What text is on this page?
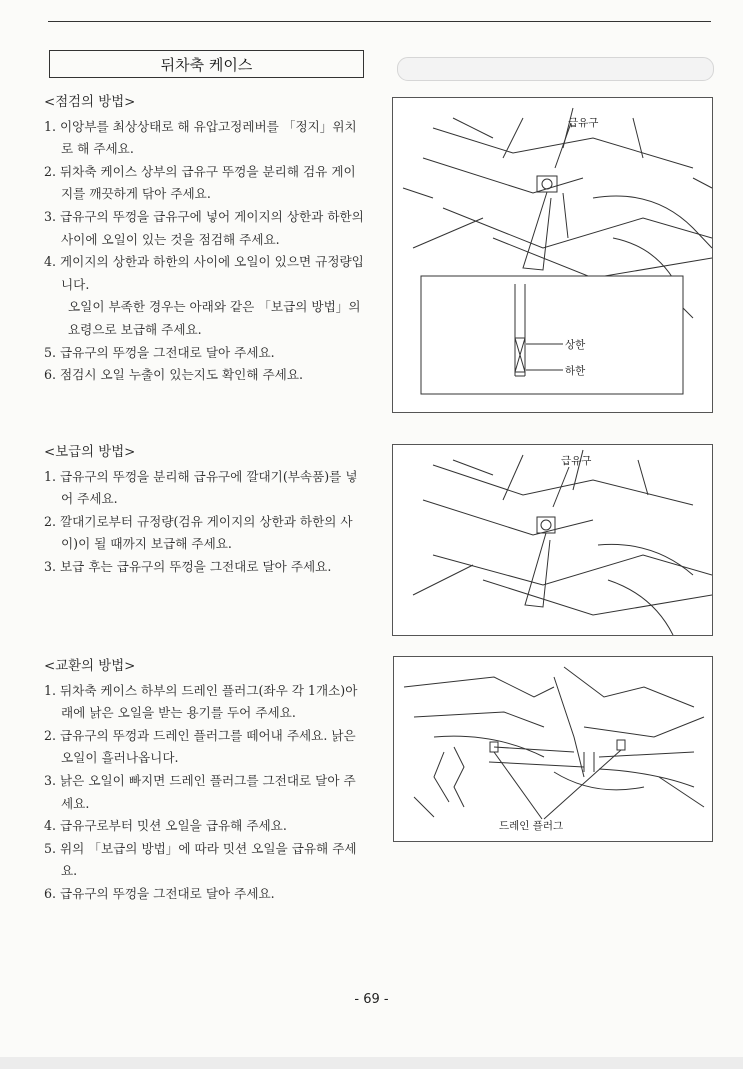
뒤차축 케이스
<점검의 방법>
1. 이앙부를 최상상태로 해 유압고정레버를 「정지」위치로 해 주세요.
2. 뒤차축 케이스 상부의 급유구 뚜껑을 분리해 검유 게이지를 깨끗하게 닦아 주세요.
3. 급유구의 뚜껑을 급유구에 넣어 게이지의 상한과 하한의 사이에 오일이 있는 것을 점검해 주세요.
4. 게이지의 상한과 하한의 사이에 오일이 있으면 규정량입니다.
오일이 부족한 경우는 아래와 같은 「보급의 방법」의 요령으로 보급해 주세요.
5. 급유구의 뚜껑을 그전대로 달아 주세요.
6. 점검시 오일 누출이 있는지도 확인해 주세요.
<보급의 방법>
1. 급유구의 뚜껑을 분리해 급유구에 깔대기(부속품)를 넣어 주세요.
2. 깔대기로부터 규정량(검유 게이지의 상한과 하한의 사이)이 될 때까지 보급해 주세요.
3. 보급 후는 급유구의 뚜껑을 그전대로 달아 주세요.
<교환의 방법>
1. 뒤차축 케이스 하부의 드레인 플러그(좌우 각 1개소)아래에 낡은 오일을 받는 용기를 두어 주세요.
2. 급유구의 뚜껑과 드레인 플러그를 떼어내 주세요. 낡은 오일이 흘러나옵니다.
3. 낡은 오일이 빠지면 드레인 플러그를 그전대로 달아 주세요.
4. 급유구로부터 밋션 오일을 급유해 주세요.
5. 위의 「보급의 방법」에 따라 밋션 오일을 급유해 주세요.
6. 급유구의 뚜껑을 그전대로 달아 주세요.
급유구
상한
하한
급유구
드레인 플러그
- 69 -
